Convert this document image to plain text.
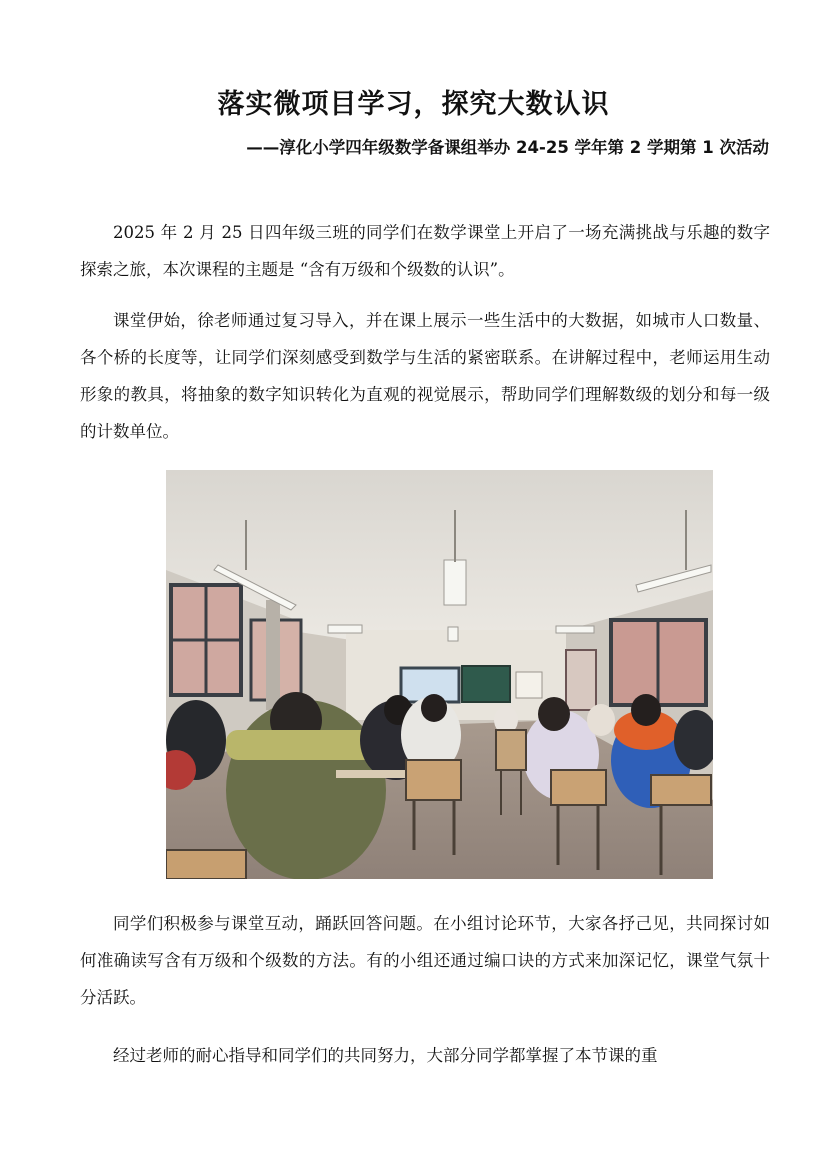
落实微项目学习，探究大数认识

——淳化小学四年级数学备课组举办 24-25 学年第 2 学期第 1 次活动

2025 年 2 月 25 日四年级三班的同学们在数学课堂上开启了一场充满挑战与乐趣的数字探索之旅，本次课程的主题是 “含有万级和个级数的认识”。

课堂伊始，徐老师通过复习导入，并在课上展示一些生活中的大数据，如城市人口数量、各个桥的长度等，让同学们深刻感受到数学与生活的紧密联系。在讲解过程中，老师运用生动形象的教具，将抽象的数字知识转化为直观的视觉展示，帮助同学们理解数级的划分和每一级的计数单位。

同学们积极参与课堂互动，踊跃回答问题。在小组讨论环节，大家各抒己见，共同探讨如何准确读写含有万级和个级数的方法。有的小组还通过编口诀的方式来加深记忆，课堂气氛十分活跃。

经过老师的耐心指导和同学们的共同努力，大部分同学都掌握了本节课的重
